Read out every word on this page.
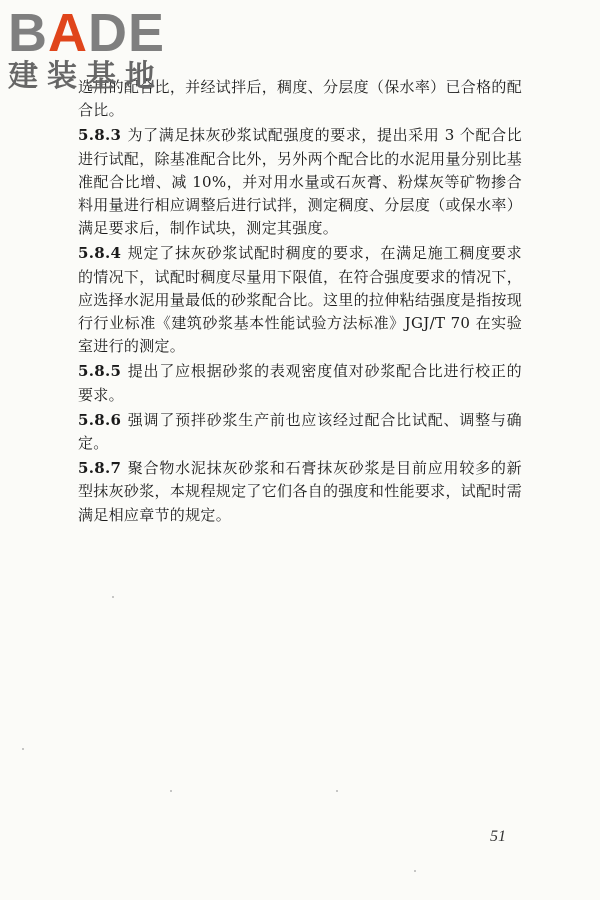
BADE
建装基地

选用的配合比，并经试拌后，稠度、分层度（保水率）已合格的配合比。

5.8.3 为了满足抹灰砂浆试配强度的要求，提出采用 3 个配合比进行试配，除基准配合比外，另外两个配合比的水泥用量分别比基准配合比增、减 10%，并对用水量或石灰膏、粉煤灰等矿物掺合料用量进行相应调整后进行试拌，测定稠度、分层度（或保水率）满足要求后，制作试块，测定其强度。

5.8.4 规定了抹灰砂浆试配时稠度的要求，在满足施工稠度要求的情况下，试配时稠度尽量用下限值，在符合强度要求的情况下，应选择水泥用量最低的砂浆配合比。这里的拉伸粘结强度是指按现行行业标准《建筑砂浆基本性能试验方法标准》JGJ/T 70 在实验室进行的测定。

5.8.5 提出了应根据砂浆的表观密度值对砂浆配合比进行校正的要求。

5.8.6 强调了预拌砂浆生产前也应该经过配合比试配、调整与确定。

5.8.7 聚合物水泥抹灰砂浆和石膏抹灰砂浆是目前应用较多的新型抹灰砂浆，本规程规定了它们各自的强度和性能要求，试配时需满足相应章节的规定。

51
